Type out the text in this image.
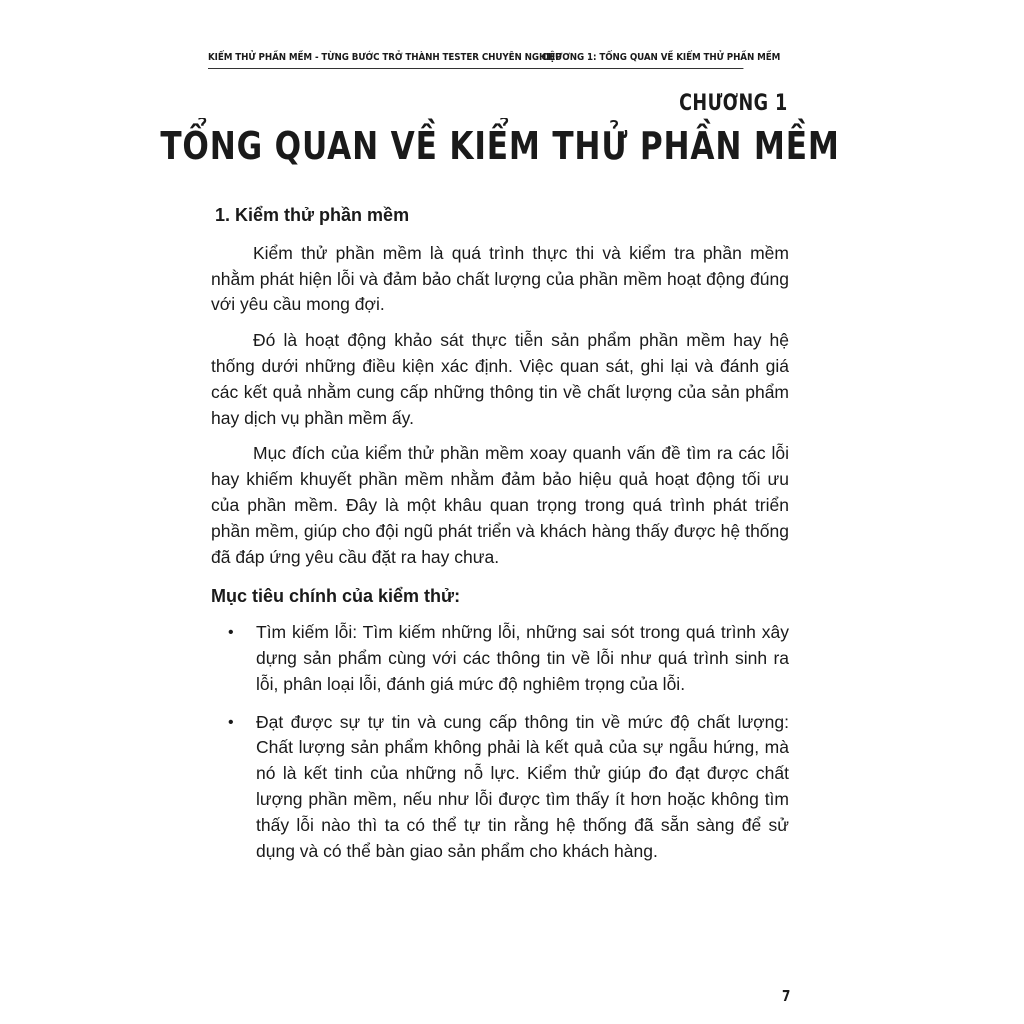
KIỂM THỬ PHẦN MỀM - TỪNG BƯỚC TRỞ THÀNH TESTER CHUYÊN NGHIỆP
CHƯƠNG 1: TỔNG QUAN VỀ KIỂM THỬ PHẦN MỀM
CHƯƠNG 1
TỔNG QUAN VỀ KIỂM THỬ PHẦN MỀM
1. Kiểm thử phần mềm

Kiểm thử phần mềm là quá trình thực thi và kiểm tra phần mềm nhằm phát hiện lỗi và đảm bảo chất lượng của phần mềm hoạt động đúng với yêu cầu mong đợi.

Đó là hoạt động khảo sát thực tiễn sản phẩm phần mềm hay hệ thống dưới những điều kiện xác định. Việc quan sát, ghi lại và đánh giá các kết quả nhằm cung cấp những thông tin về chất lượng của sản phẩm hay dịch vụ phần mềm ấy.

Mục đích của kiểm thử phần mềm xoay quanh vấn đề tìm ra các lỗi hay khiếm khuyết phần mềm nhằm đảm bảo hiệu quả hoạt động tối ưu của phần mềm. Đây là một khâu quan trọng trong quá trình phát triển phần mềm, giúp cho đội ngũ phát triển và khách hàng thấy được hệ thống đã đáp ứng yêu cầu đặt ra hay chưa.

Mục tiêu chính của kiểm thử:
• Tìm kiếm lỗi: Tìm kiếm những lỗi, những sai sót trong quá trình xây dựng sản phẩm cùng với các thông tin về lỗi như quá trình sinh ra lỗi, phân loại lỗi, đánh giá mức độ nghiêm trọng của lỗi.
• Đạt được sự tự tin và cung cấp thông tin về mức độ chất lượng: Chất lượng sản phẩm không phải là kết quả của sự ngẫu hứng, mà nó là kết tinh của những nỗ lực. Kiểm thử giúp đo đạt được chất lượng phần mềm, nếu như lỗi được tìm thấy ít hơn hoặc không tìm thấy lỗi nào thì ta có thể tự tin rằng hệ thống đã sẵn sàng để sử dụng và có thể bàn giao sản phẩm cho khách hàng.
7
